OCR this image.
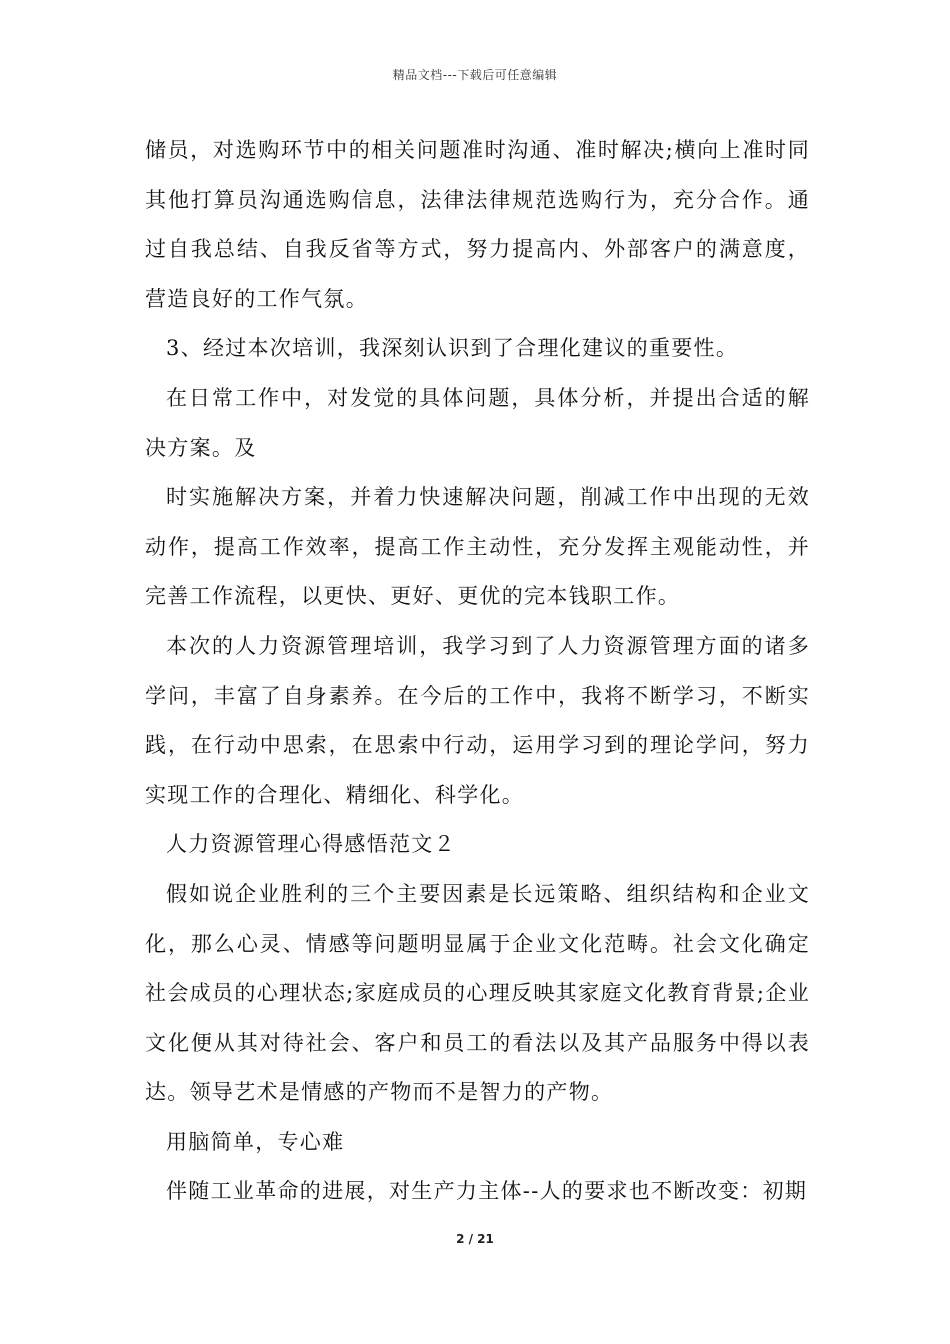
精品文档---下载后可任意编辑

储员，对选购环节中的相关问题准时沟通、准时解决;横向上准时同其他打算员沟通选购信息，法律法律规范选购行为，充分合作。通过自我总结、自我反省等方式，努力提高内、外部客户的满意度，营造良好的工作气氛。

3、经过本次培训，我深刻认识到了合理化建议的重要性。

在日常工作中，对发觉的具体问题，具体分析，并提出合适的解决方案。及

时实施解决方案，并着力快速解决问题，削减工作中出现的无效动作，提高工作效率，提高工作主动性，充分发挥主观能动性，并完善工作流程，以更快、更好、更优的完本钱职工作。

本次的人力资源管理培训，我学习到了人力资源管理方面的诸多学问，丰富了自身素养。在今后的工作中，我将不断学习，不断实践，在行动中思索，在思索中行动，运用学习到的理论学问，努力实现工作的合理化、精细化、科学化。

人力资源管理心得感悟范文２

假如说企业胜利的三个主要因素是长远策略、组织结构和企业文化，那么心灵、情感等问题明显属于企业文化范畴。社会文化确定社会成员的心理状态;家庭成员的心理反映其家庭文化教育背景;企业文化便从其对待社会、客户和员工的看法以及其产品服务中得以表达。领导艺术是情感的产物而不是智力的产物。

用脑简单，专心难

伴随工业革命的进展，对生产力主体--人的要求也不断改变：初期

2 / 21
